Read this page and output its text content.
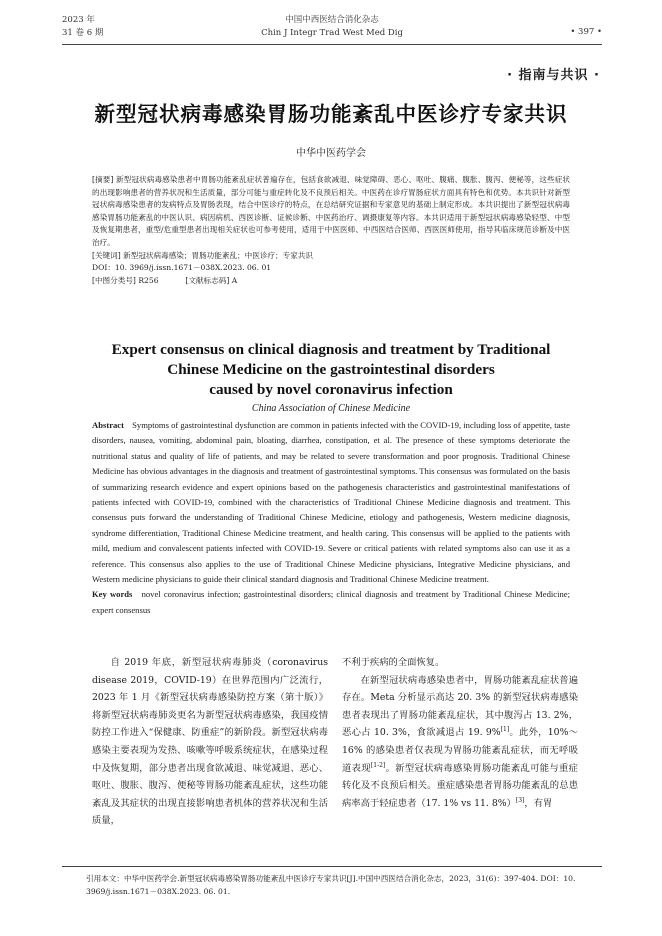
2023 年
31 卷 6 期
中国中西医结合消化杂志
Chin J Integr Trad West Med Dig	• 397 •
· 指南与共识 ·
新型冠状病毒感染胃肠功能紊乱中医诊疗专家共识
中华中医药学会
[摘要] 新型冠状病毒感染患者中胃肠功能紊乱症状普遍存在，包括食欲减退、味觉障碍、恶心、呕吐、腹痛、腹胀、腹泻、便秘等，这些症状的出现影响患者的营养状况和生活质量，部分可能与重症转化及不良预后相关。中医药在诊疗胃肠症状方面具有特色和优势。本共识针对新型冠状病毒感染患者的发病特点及胃肠表现，结合中医诊疗的特点，在总结研究证据和专家意见的基础上制定形成。本共识提出了新型冠状病毒感染胃肠功能紊乱的中医认识、病因病机、西医诊断、证候诊断、中医药治疗、调摄康复等内容。本共识适用于新型冠状病毒感染轻型、中型及恢复期患者，重型/危重型患者出现相关症状也可参考使用，适用于中医医师、中西医结合医师、西医医师使用，指导其临床规范诊断及中医治疗。
[关键词] 新型冠状病毒感染；胃肠功能紊乱；中医诊疗；专家共识
DOI：10. 3969/j.issn.1671－038X.2023. 06. 01
[中图分类号] R256	[文献标志码] A
Expert consensus on clinical diagnosis and treatment by Traditional
Chinese Medicine on the gastrointestinal disorders
caused by novel coronavirus infection
China Association of Chinese Medicine
Abstract Symptoms of gastrointestinal dysfunction are common in patients infected with the COVID-19, including loss of appetite, taste disorders, nausea, vomiting, abdominal pain, bloating, diarrhea, constipation, et al. The presence of these symptoms deteriorate the nutritional status and quality of life of patients, and may be related to severe transformation and poor prognosis. Traditional Chinese Medicine has obvious advantages in the diagnosis and treatment of gastrointestinal symptoms. This consensus was formulated on the basis of summarizing research evidence and expert opinions based on the pathogenesis characteristics and gastrointestinal manifestations of patients infected with COVID-19, combined with the characteristics of Traditional Chinese Medicine diagnosis and treatment. This consensus puts forward the understanding of Traditional Chinese Medicine, etiology and pathogenesis, Western medicine diagnosis, syndrome differentiation, Traditional Chinese Medicine treatment, and health caring. This consensus will be applied to the patients with mild, medium and convalescent patients infected with COVID-19. Severe or critical patients with related symptoms also can use it as a reference. This consensus also applies to the use of Traditional Chinese Medicine physicians, Integrative Medicine physicians, and Western medicine physicians to guide their clinical standard diagnosis and Traditional Chinese Medicine treatment.
Key words novel coronavirus infection; gastrointestinal disorders; clinical diagnosis and treatment by Traditional Chinese Medicine; expert consensus

自 2019 年底，新型冠状病毒肺炎（coronavirus disease 2019，COVID-19）在世界范围内广泛流行，2023 年 1 月《新型冠状病毒感染防控方案（第十版）》将新型冠状病毒肺炎更名为新型冠状病毒感染，我国疫情防控工作进入“保健康、防重症”的新阶段。新型冠状病毒感染主要表现为发热、咳嗽等呼吸系统症状，在感染过程中及恢复期，部分患者出现食欲减退、味觉减退、恶心、呕吐、腹胀、腹泻、便秘等胃肠功能紊乱症状，这些功能紊乱及其症状的出现直接影响患者机体的营养状况和生活质量，

不利于疾病的全面恢复。

在新型冠状病毒感染患者中，胃肠功能紊乱症状普遍存在。Meta 分析显示高达 20. 3% 的新型冠状病毒感染患者表现出了胃肠功能紊乱症状，其中腹泻占 13. 2%，恶心占 10. 3%，食欲减退占 19. 9%[1]。此外，10%～16% 的感染患者仅表现为胃肠功能紊乱症状，而无呼吸道表现[1-2]。新型冠状病毒感染胃肠功能紊乱可能与重症转化及不良预后相关。重症感染患者胃肠功能紊乱的总患病率高于轻症患者（17. 1% vs 11. 8%）[3]，有胃

引用本文：中华中医药学会.新型冠状病毒感染胃肠功能紊乱中医诊疗专家共识[J].中国中西医结合消化杂志，2023，31(6)：397-404. DOI：10. 3969/j.issn.1671－038X.2023. 06. 01.
